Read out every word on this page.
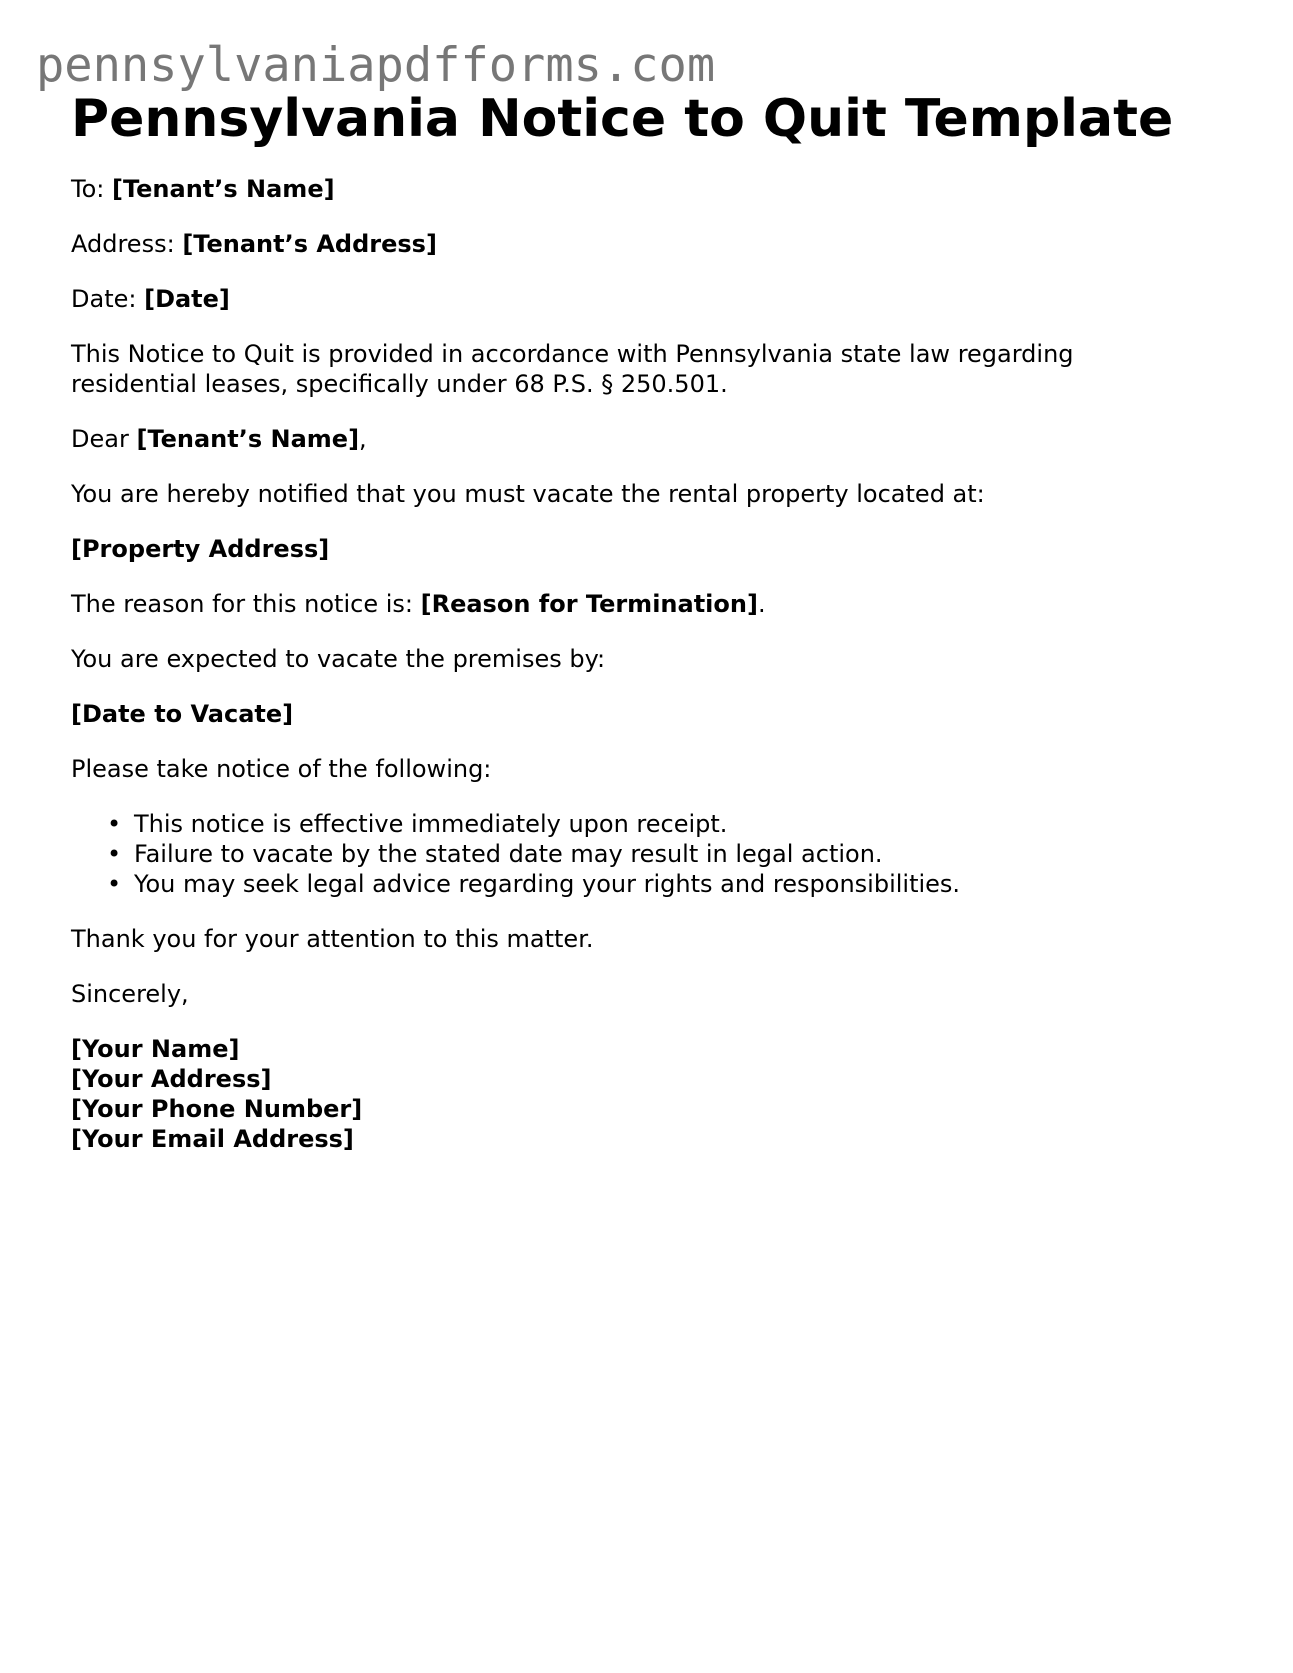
pennsylvaniapdfforms.com
Pennsylvania Notice to Quit Template

To: [Tenant’s Name]

Address: [Tenant’s Address]

Date: [Date]

This Notice to Quit is provided in accordance with Pennsylvania state law regarding
residential leases, specifically under 68 P.S. § 250.501.

Dear [Tenant’s Name],

You are hereby notified that you must vacate the rental property located at:

[Property Address]

The reason for this notice is: [Reason for Termination].

You are expected to vacate the premises by:

[Date to Vacate]

Please take notice of the following:

• This notice is effective immediately upon receipt.
• Failure to vacate by the stated date may result in legal action.
• You may seek legal advice regarding your rights and responsibilities.

Thank you for your attention to this matter.

Sincerely,

[Your Name]
[Your Address]
[Your Phone Number]
[Your Email Address]
